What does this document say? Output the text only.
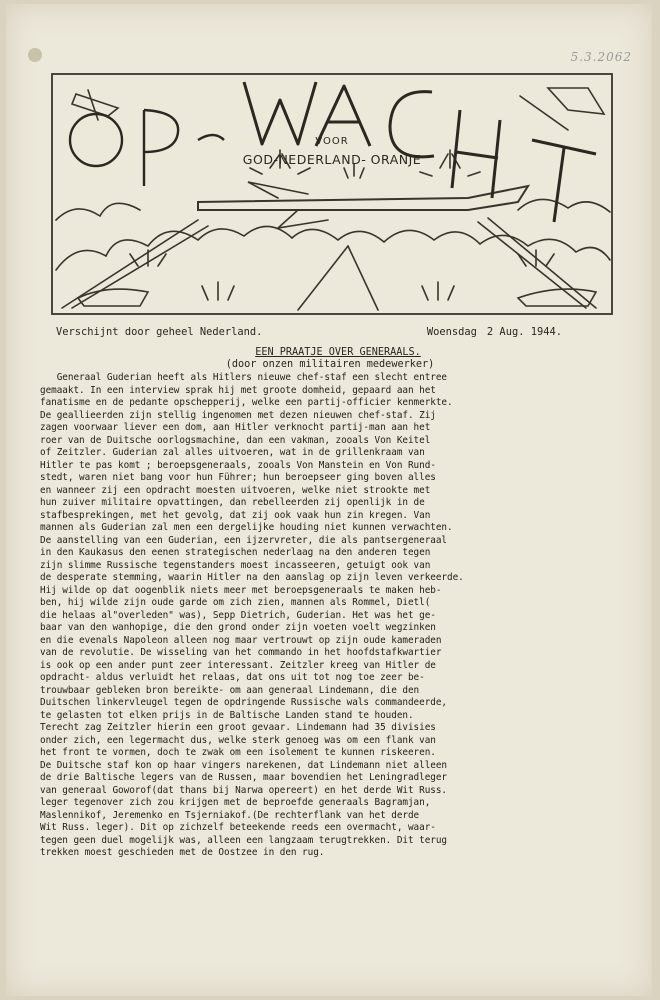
5.3.2062
VOOR
GOD-NEDERLAND- ORANJE
Verschijnt door geheel Nederland.	Woensdag 2 Aug. 1944.
EEN PRAATJE OVER GENERAALS.
(door onzen militairen medewerker)
Generaal Guderian heeft als Hitlers nieuwe chef-staf een slecht entree
gemaakt. In een interview sprak hij met groote domheid, gepaard aan het
fanatisme en de pedante opschepperij, welke een partij-officier kenmerkte.
De geallieerden zijn stellig ingenomen met dezen nieuwen chef-staf. Zij
zagen voorwaar liever een dom, aan Hitler verknocht partij-man aan het
roer van de Duitsche oorlogsmachine, dan een vakman, zooals Von Keitel
of Zeitzler. Guderian zal alles uitvoeren, wat in de grillenkraam van
Hitler te pas komt ; beroepsgeneraals, zooals Von Manstein en Von Rund-
stedt, waren niet bang voor hun Führer; hun beroepseer ging boven alles
en wanneer zij een opdracht moesten uitvoeren, welke niet strookte met
hun zuiver militaire opvattingen, dan rebelleerden zij openlijk in de
stafbesprekingen, met het gevolg, dat zij ook vaak hun zin kregen. Van
mannen als Guderian zal men een dergelijke houding niet kunnen verwachten.
De aanstelling van een Guderian, een ijzervreter, die als pantsergeneraal
in den Kaukasus den eenen strategischen nederlaag na den anderen tegen
zijn slimme Russische tegenstanders moest incasseeren, getuigt ook van
de desperate stemming, waarin Hitler na den aanslag op zijn leven verkeerde.
Hij wilde op dat oogenblik niets meer met beroepsgeneraals te maken heb-
ben, hij wilde zijn oude garde om zich zien, mannen als Rommel, Dietl(
die helaas al"overleden" was), Sepp Dietrich, Guderian. Het was het ge-
baar van den wanhopige, die den grond onder zijn voeten voelt wegzinken
en die evenals Napoleon alleen nog maar vertrouwt op zijn oude kameraden
van de revolutie. De wisseling van het commando in het hoofdstafkwartier
is ook op een ander punt zeer interessant. Zeitzler kreeg van Hitler de
opdracht- aldus verluidt het relaas, dat ons uit tot nog toe zeer be-
trouwbaar gebleken bron bereikte- om aan generaal Lindemann, die den
Duitschen linkervleugel tegen de opdringende Russische wals commandeerde,
te gelasten tot elken prijs in de Baltische Landen stand te houden.
Terecht zag Zeitzler hierin een groot gevaar. Lindemann had 35 divisies
onder zich, een legermacht dus, welke sterk genoeg was om een flank van
het front te vormen, doch te zwak om een isolement te kunnen riskeeren.
De Duitsche staf kon op haar vingers narekenen, dat Lindemann niet alleen
de drie Baltische legers van de Russen, maar bovendien het Leningradleger
van generaal Goworof(dat thans bij Narwa opereert) en het derde Wit Russ.
leger tegenover zich zou krijgen met de beproefde generaals Bagramjan,
Maslennikof, Jeremenko en Tsjerniakof.(De rechterflank van het derde
Wit Russ. leger). Dit op zichzelf beteekende reeds een overmacht, waar-
tegen geen duel mogelijk was, alleen een langzaam terugtrekken. Dit terug
trekken moest geschieden met de Oostzee in den rug.
